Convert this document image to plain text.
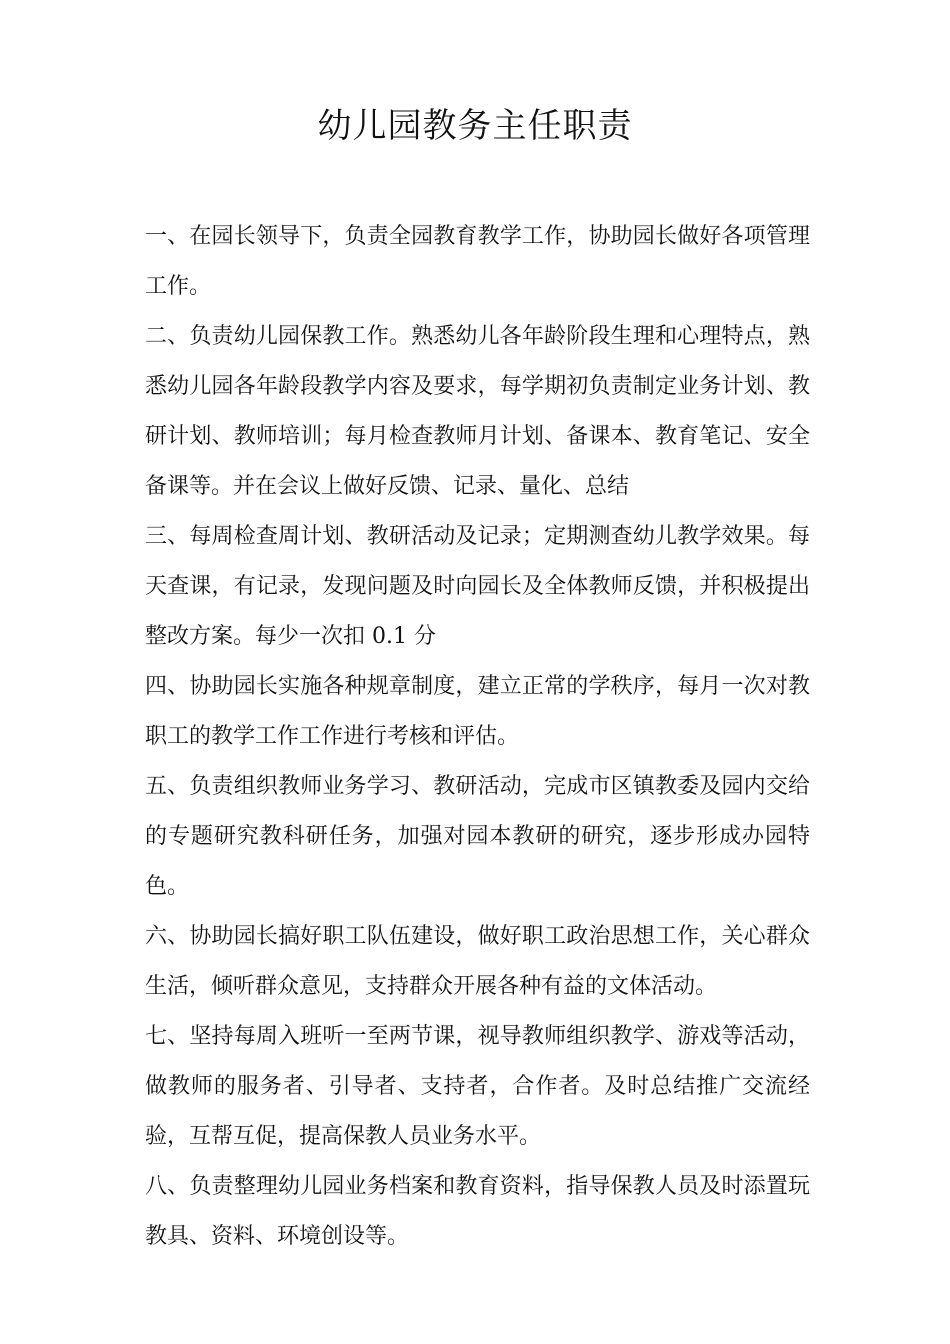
幼儿园教务主任职责

一、在园长领导下，负责全园教育教学工作，协助园长做好各项管理工作。

二、负责幼儿园保教工作。熟悉幼儿各年龄阶段生理和心理特点，熟悉幼儿园各年龄段教学内容及要求，每学期初负责制定业务计划、教研计划、教师培训；每月检查教师月计划、备课本、教育笔记、安全备课等。并在会议上做好反馈、记录、量化、总结

三、每周检查周计划、教研活动及记录；定期测查幼儿教学效果。每天查课，有记录，发现问题及时向园长及全体教师反馈，并积极提出整改方案。每少一次扣 0.1 分

四、协助园长实施各种规章制度，建立正常的学秩序，每月一次对教职工的教学工作工作进行考核和评估。

五、负责组织教师业务学习、教研活动，完成市区镇教委及园内交给的专题研究教科研任务，加强对园本教研的研究，逐步形成办园特色。

六、协助园长搞好职工队伍建设，做好职工政治思想工作，关心群众生活，倾听群众意见，支持群众开展各种有益的文体活动。

七、坚持每周入班听一至两节课，视导教师组织教学、游戏等活动，做教师的服务者、引导者、支持者，合作者。及时总结推广交流经验，互帮互促，提高保教人员业务水平。

八、负责整理幼儿园业务档案和教育资料，指导保教人员及时添置玩教具、资料、环境创设等。
